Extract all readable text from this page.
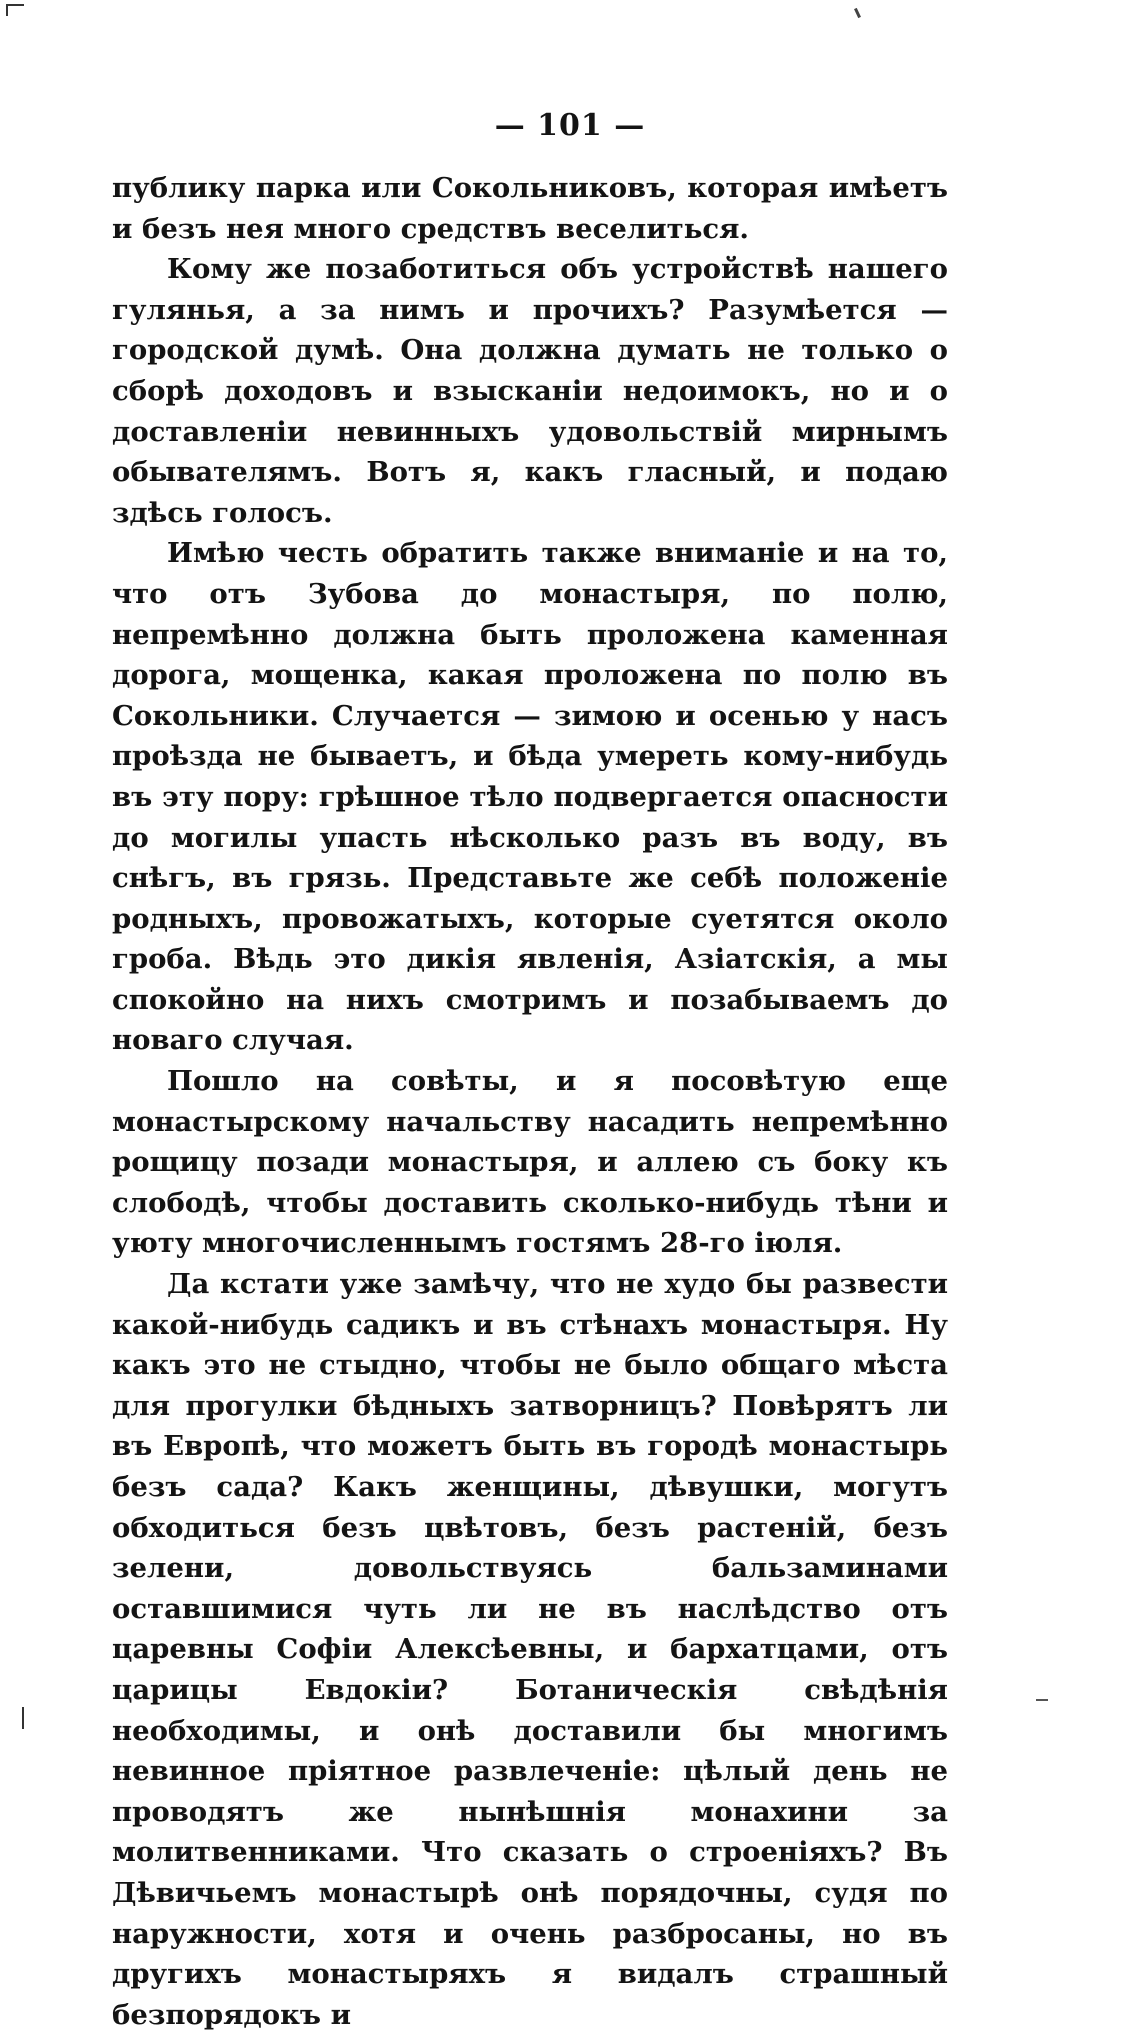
— 101 —

публику парка или Сокольниковъ, которая имѣетъ и безъ нея много средствъ веселиться.

Кому же позаботиться объ устройствѣ нашего гулянья, а за нимъ и прочихъ? Разумѣется — городской думѣ. Она должна думать не только о сборѣ доходовъ и взысканіи недоимокъ, но и о доставленіи невинныхъ удовольствій мирнымъ обывателямъ. Вотъ я, какъ гласный, и подаю здѣсь голосъ.

Имѣю честь обратить также вниманіе и на то, что отъ Зубова до монастыря, по полю, непремѣнно должна быть проложена каменная дорога, мощенка, какая проложена по полю въ Сокольники. Случается — зимою и осенью у насъ проѣзда не бываетъ, и бѣда умереть кому-нибудь въ эту пору: грѣшное тѣло подвергается опасности до могилы упасть нѣсколько разъ въ воду, въ снѣгъ, въ грязь. Представьте же себѣ положеніе родныхъ, провожатыхъ, которые суетятся около гроба. Вѣдь это дикія явленія, Азіатскія, а мы спокойно на нихъ смотримъ и позабываемъ до новаго случая.

Пошло на совѣты, и я посовѣтую еще монастырскому начальству насадить непремѣнно рощицу позади монастыря, и аллею съ боку къ слободѣ, чтобы доставить сколько-нибудь тѣни и уюту многочисленнымъ гостямъ 28-го іюля.

Да кстати уже замѣчу, что не худо бы развести какой-нибудь садикъ и въ стѣнахъ монастыря. Ну какъ это не стыдно, чтобы не было общаго мѣста для прогулки бѣдныхъ затворницъ? Повѣрятъ ли въ Европѣ, что можетъ быть въ городѣ монастырь безъ сада? Какъ женщины, дѣвушки, могутъ обходиться безъ цвѣтовъ, безъ растеній, безъ зелени, довольствуясь бальзаминами оставшимися чуть ли не въ наслѣдство отъ царевны Софіи Алексѣевны, и бархатцами, отъ царицы Евдокіи? Ботаническія свѣдѣнія необходимы, и онѣ доставили бы многимъ невинное пріятное развлеченіе: цѣлый день не проводятъ же нынѣшнія монахини за молитвенниками. Что сказать о строеніяхъ? Въ Дѣвичьемъ монастырѣ онѣ порядочны, судя по наружности, хотя и очень разбросаны, но въ другихъ монастыряхъ я видалъ страшный безпорядокъ и
